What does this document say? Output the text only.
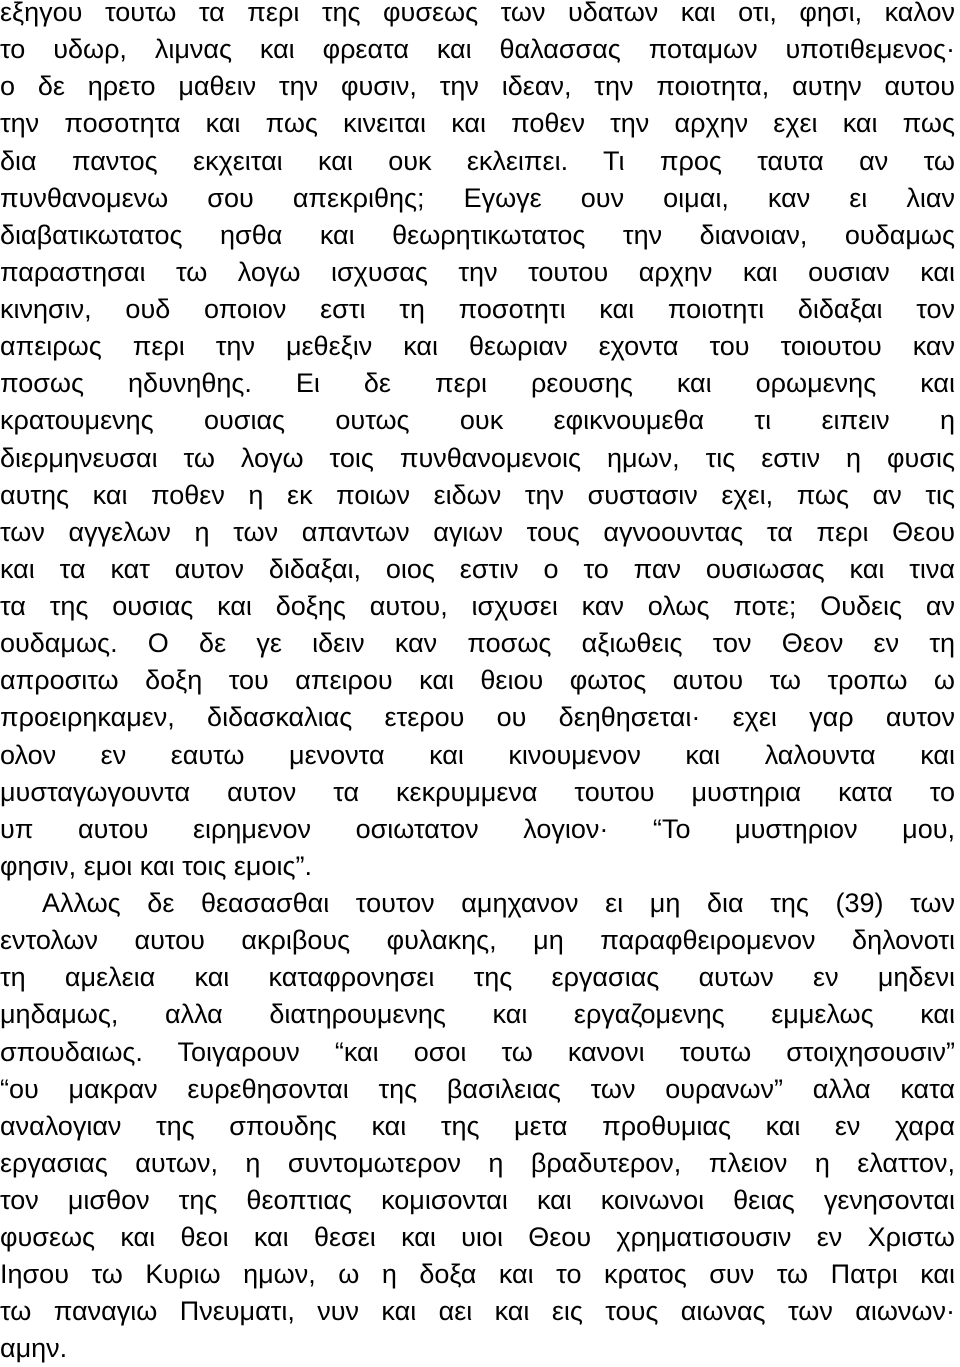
εξηγου τουτω τα περι της φυσεως των υδατων και οτι, φησι, καλον
το υδωρ, λιμνας και φρεατα και θαλασσας ποταμων υποτιθεμενος·
ο δε ηρετο μαθειν την φυσιν, την ιδεαν, την ποιοτητα, αυτην αυτου
την ποσοτητα και πως κινειται και ποθεν την αρχην εχει και πως
δια παντος εκχειται και ουκ εκλειπει. Τι προς ταυτα αν τω
πυνθανομενω σου απεκριθης; Εγωγε ουν οιμαι, καν ει λιαν
διαβατικωτατος ησθα και θεωρητικωτατος την διανοιαν, ουδαμως
παραστησαι τω λογω ισχυσας την τουτου αρχην και ουσιαν και
κινησιν, ουδ οποιον εστι τη ποσοτητι και ποιοτητι διδαξαι τον
απειρως περι την μεθεξιν και θεωριαν εχοντα του τοιουτου καν
ποσως ηδυνηθης. Ει δε περι ρεουσης και ορωμενης και
κρατουμενης ουσιας ουτως ουκ εφικνουμεθα τι ειπειν η
διερμηνευσαι τω λογω τοις πυνθανομενοις ημων, τις εστιν η φυσις
αυτης και ποθεν η εκ ποιων ειδων την συστασιν εχει, πως αν τις
των αγγελων η των απαντων αγιων τους αγνοουντας τα περι Θεου
και τα κατ αυτον διδαξαι, οιος εστιν ο το παν ουσιωσας και τινα
τα της ουσιας και δοξης αυτου, ισχυσει καν ολως ποτε; Ουδεις αν
ουδαμως. Ο δε γε ιδειν καν ποσως αξιωθεις τον Θεον εν τη
απροσιτω δοξη του απειρου και θειου φωτος αυτου τω τροπω ω
προειρηκαμεν, διδασκαλιας ετερου ου δεηθησεται· εχει γαρ αυτον
ολον εν εαυτω μενοντα και κινουμενον και λαλουντα και
μυσταγωγουντα αυτον τα κεκρυμμενα τουτου μυστηρια κατα το
υπ αυτου ειρημενον οσιωτατον λογιον· “Το μυστηριον μου,
φησιν, εμοι και τοις εμοις”.
Αλλως δε θεασασθαι τουτον αμηχανον ει μη δια της (39) των
εντολων αυτου ακριβους φυλακης, μη παραφθειρομενον δηλονοτι
τη αμελεια και καταφρονησει της εργασιας αυτων εν μηδενι
μηδαμως, αλλα διατηρουμενης και εργαζομενης εμμελως και
σπουδαιως. Τοιγαρουν “και οσοι τω κανονι τουτω στοιχησουσιν”
“ου μακραν ευρεθησονται της βασιλειας των ουρανων” αλλα κατα
αναλογιαν της σπουδης και της μετα προθυμιας και εν χαρα
εργασιας αυτων, η συντομωτερον η βραδυτερον, πλειον η ελαττον,
τον μισθον της θεοπτιας κομισονται και κοινωνοι θειας γενησονται
φυσεως και θεοι και θεσει και υιοι Θεου χρηματισουσιν εν Χριστω
Ιησου τω Κυριω ημων, ω η δοξα και το κρατος συν τω Πατρι και
τω παναγιω Πνευματι, νυν και αει και εις τους αιωνας των αιωνων·
αμην.
